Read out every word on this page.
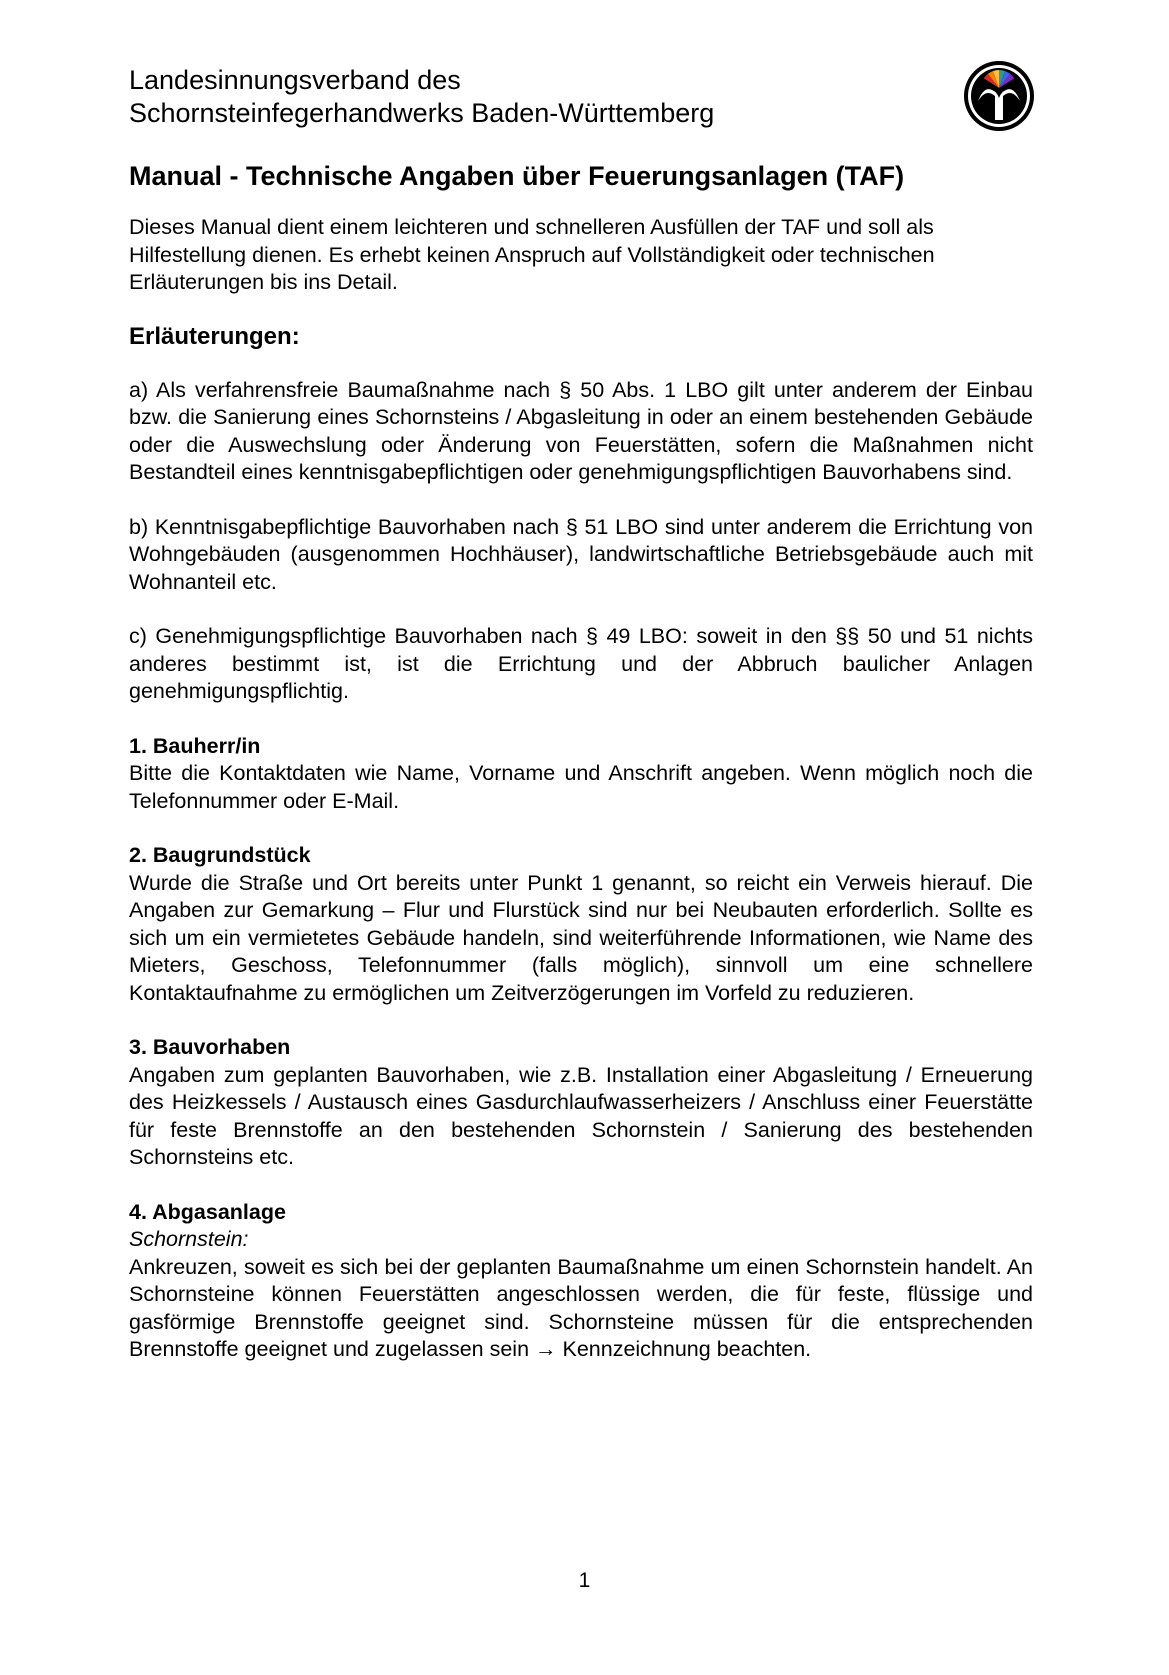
Landesinnungsverband des
Schornsteinfegerhandwerks Baden-Württemberg
Manual - Technische Angaben über Feuerungsanlagen (TAF)

Dieses Manual dient einem leichteren und schnelleren Ausfüllen der TAF und soll als Hilfestellung dienen. Es erhebt keinen Anspruch auf Vollständigkeit oder technischen Erläuterungen bis ins Detail.

Erläuterungen:

a) Als verfahrensfreie Baumaßnahme nach § 50 Abs. 1 LBO gilt unter anderem der Einbau bzw. die Sanierung eines Schornsteins / Abgasleitung in oder an einem bestehenden Gebäude oder die Auswechslung oder Änderung von Feuerstätten, sofern die Maßnahmen nicht Bestandteil eines kenntnisgabepflichtigen oder genehmigungspflichtigen Bauvorhabens sind.

b) Kenntnisgabepflichtige Bauvorhaben nach § 51 LBO sind unter anderem die Errichtung von Wohngebäuden (ausgenommen Hochhäuser), landwirtschaftliche Betriebsgebäude auch mit Wohnanteil etc.

c) Genehmigungspflichtige Bauvorhaben nach § 49 LBO: soweit in den §§ 50 und 51 nichts anderes bestimmt ist, ist die Errichtung und der Abbruch baulicher Anlagen genehmigungspflichtig.

1. Bauherr/in

Bitte die Kontaktdaten wie Name, Vorname und Anschrift angeben. Wenn möglich noch die Telefonnummer oder E-Mail.

2. Baugrundstück

Wurde die Straße und Ort bereits unter Punkt 1 genannt, so reicht ein Verweis hierauf. Die Angaben zur Gemarkung – Flur und Flurstück sind nur bei Neubauten erforderlich. Sollte es sich um ein vermietetes Gebäude handeln, sind weiterführende Informationen, wie Name des Mieters, Geschoss, Telefonnummer (falls möglich), sinnvoll um eine schnellere Kontaktaufnahme zu ermöglichen um Zeitverzögerungen im Vorfeld zu reduzieren.

3. Bauvorhaben

Angaben zum geplanten Bauvorhaben, wie z.B. Installation einer Abgasleitung / Erneuerung des Heizkessels / Austausch eines Gasdurchlaufwasserheizers / Anschluss einer Feuerstätte für feste Brennstoffe an den bestehenden Schornstein / Sanierung des bestehenden Schornsteins etc.

4. Abgasanlage
Schornstein:

Ankreuzen, soweit es sich bei der geplanten Baumaßnahme um einen Schornstein handelt. An Schornsteine können Feuerstätten angeschlossen werden, die für feste, flüssige und gasförmige Brennstoffe geeignet sind. Schornsteine müssen für die entsprechenden Brennstoffe geeignet und zugelassen sein → Kennzeichnung beachten.

1
